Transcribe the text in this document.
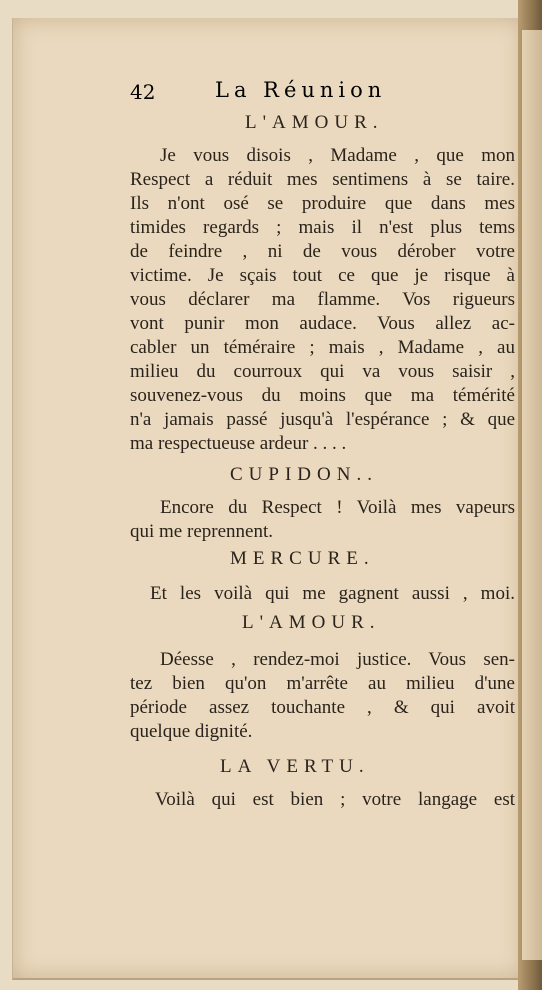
42	La Réunion
L'AMOUR.
Je vous disois , Madame , que mon
Respect a réduit mes sentimens à se taire.
Ils n'ont osé se produire que dans mes
timides regards ; mais il n'est plus tems
de feindre , ni de vous dérober votre
victime. Je sçais tout ce que je risque à
vous déclarer ma flamme. Vos rigueurs
vont punir mon audace. Vous allez ac-
cabler un téméraire ; mais , Madame , au
milieu du courroux qui va vous saisir ,
souvenez-vous du moins que ma témérité
n'a jamais passé jusqu'à l'espérance ; & que
ma respectueuse ardeur . . . .
CUPIDON..
Encore du Respect ! Voilà mes vapeurs
qui me reprennent.
MERCURE.
Et les voilà qui me gagnent aussi , moi.
L'AMOUR.
Déesse , rendez-moi justice. Vous sen-
tez bien qu'on m'arrête au milieu d'une
période assez touchante , & qui avoit
quelque dignité.
LA VERTU.
Voilà qui est bien ; votre langage est
